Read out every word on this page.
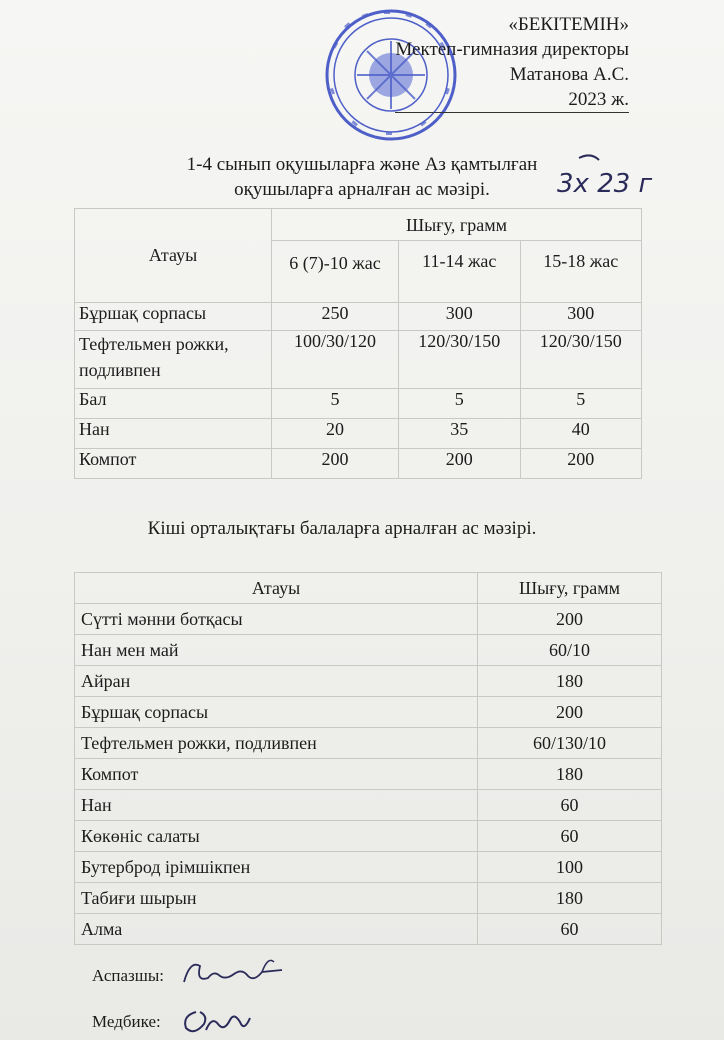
«БЕКІТЕМІН»
Мектеп-гимназия директоры
Матанова А.С.
2023 ж.
3х 23 г
1-4 сынып оқушыларға және Аз қамтылған
оқушыларға арналған ас мәзірі.
Атауы	Шығу, грамм		
	6 (7)-10 жас	11-14 жас	15-18 жас
Бұршақ сорпасы	250	300	300
Тефтельмен рожки, подливпен	100/30/120	120/30/150	120/30/150
Бал	5	5	5
Нан	20	35	40
Компот	200	200	200
Кіші орталықтағы балаларға арналған ас мәзірі.
Атауы	Шығу, грамм
Сүтті мәнни ботқасы	200
Нан мен май	60/10
Айран	180
Бұршақ сорпасы	200
Тефтельмен рожки, подливпен	60/130/10
Компот	180
Нан	60
Көкөніс салаты	60
Бутерброд ірімшікпен	100
Табиғи шырын	180
Алма	60
Аспазшы:
Медбике:
